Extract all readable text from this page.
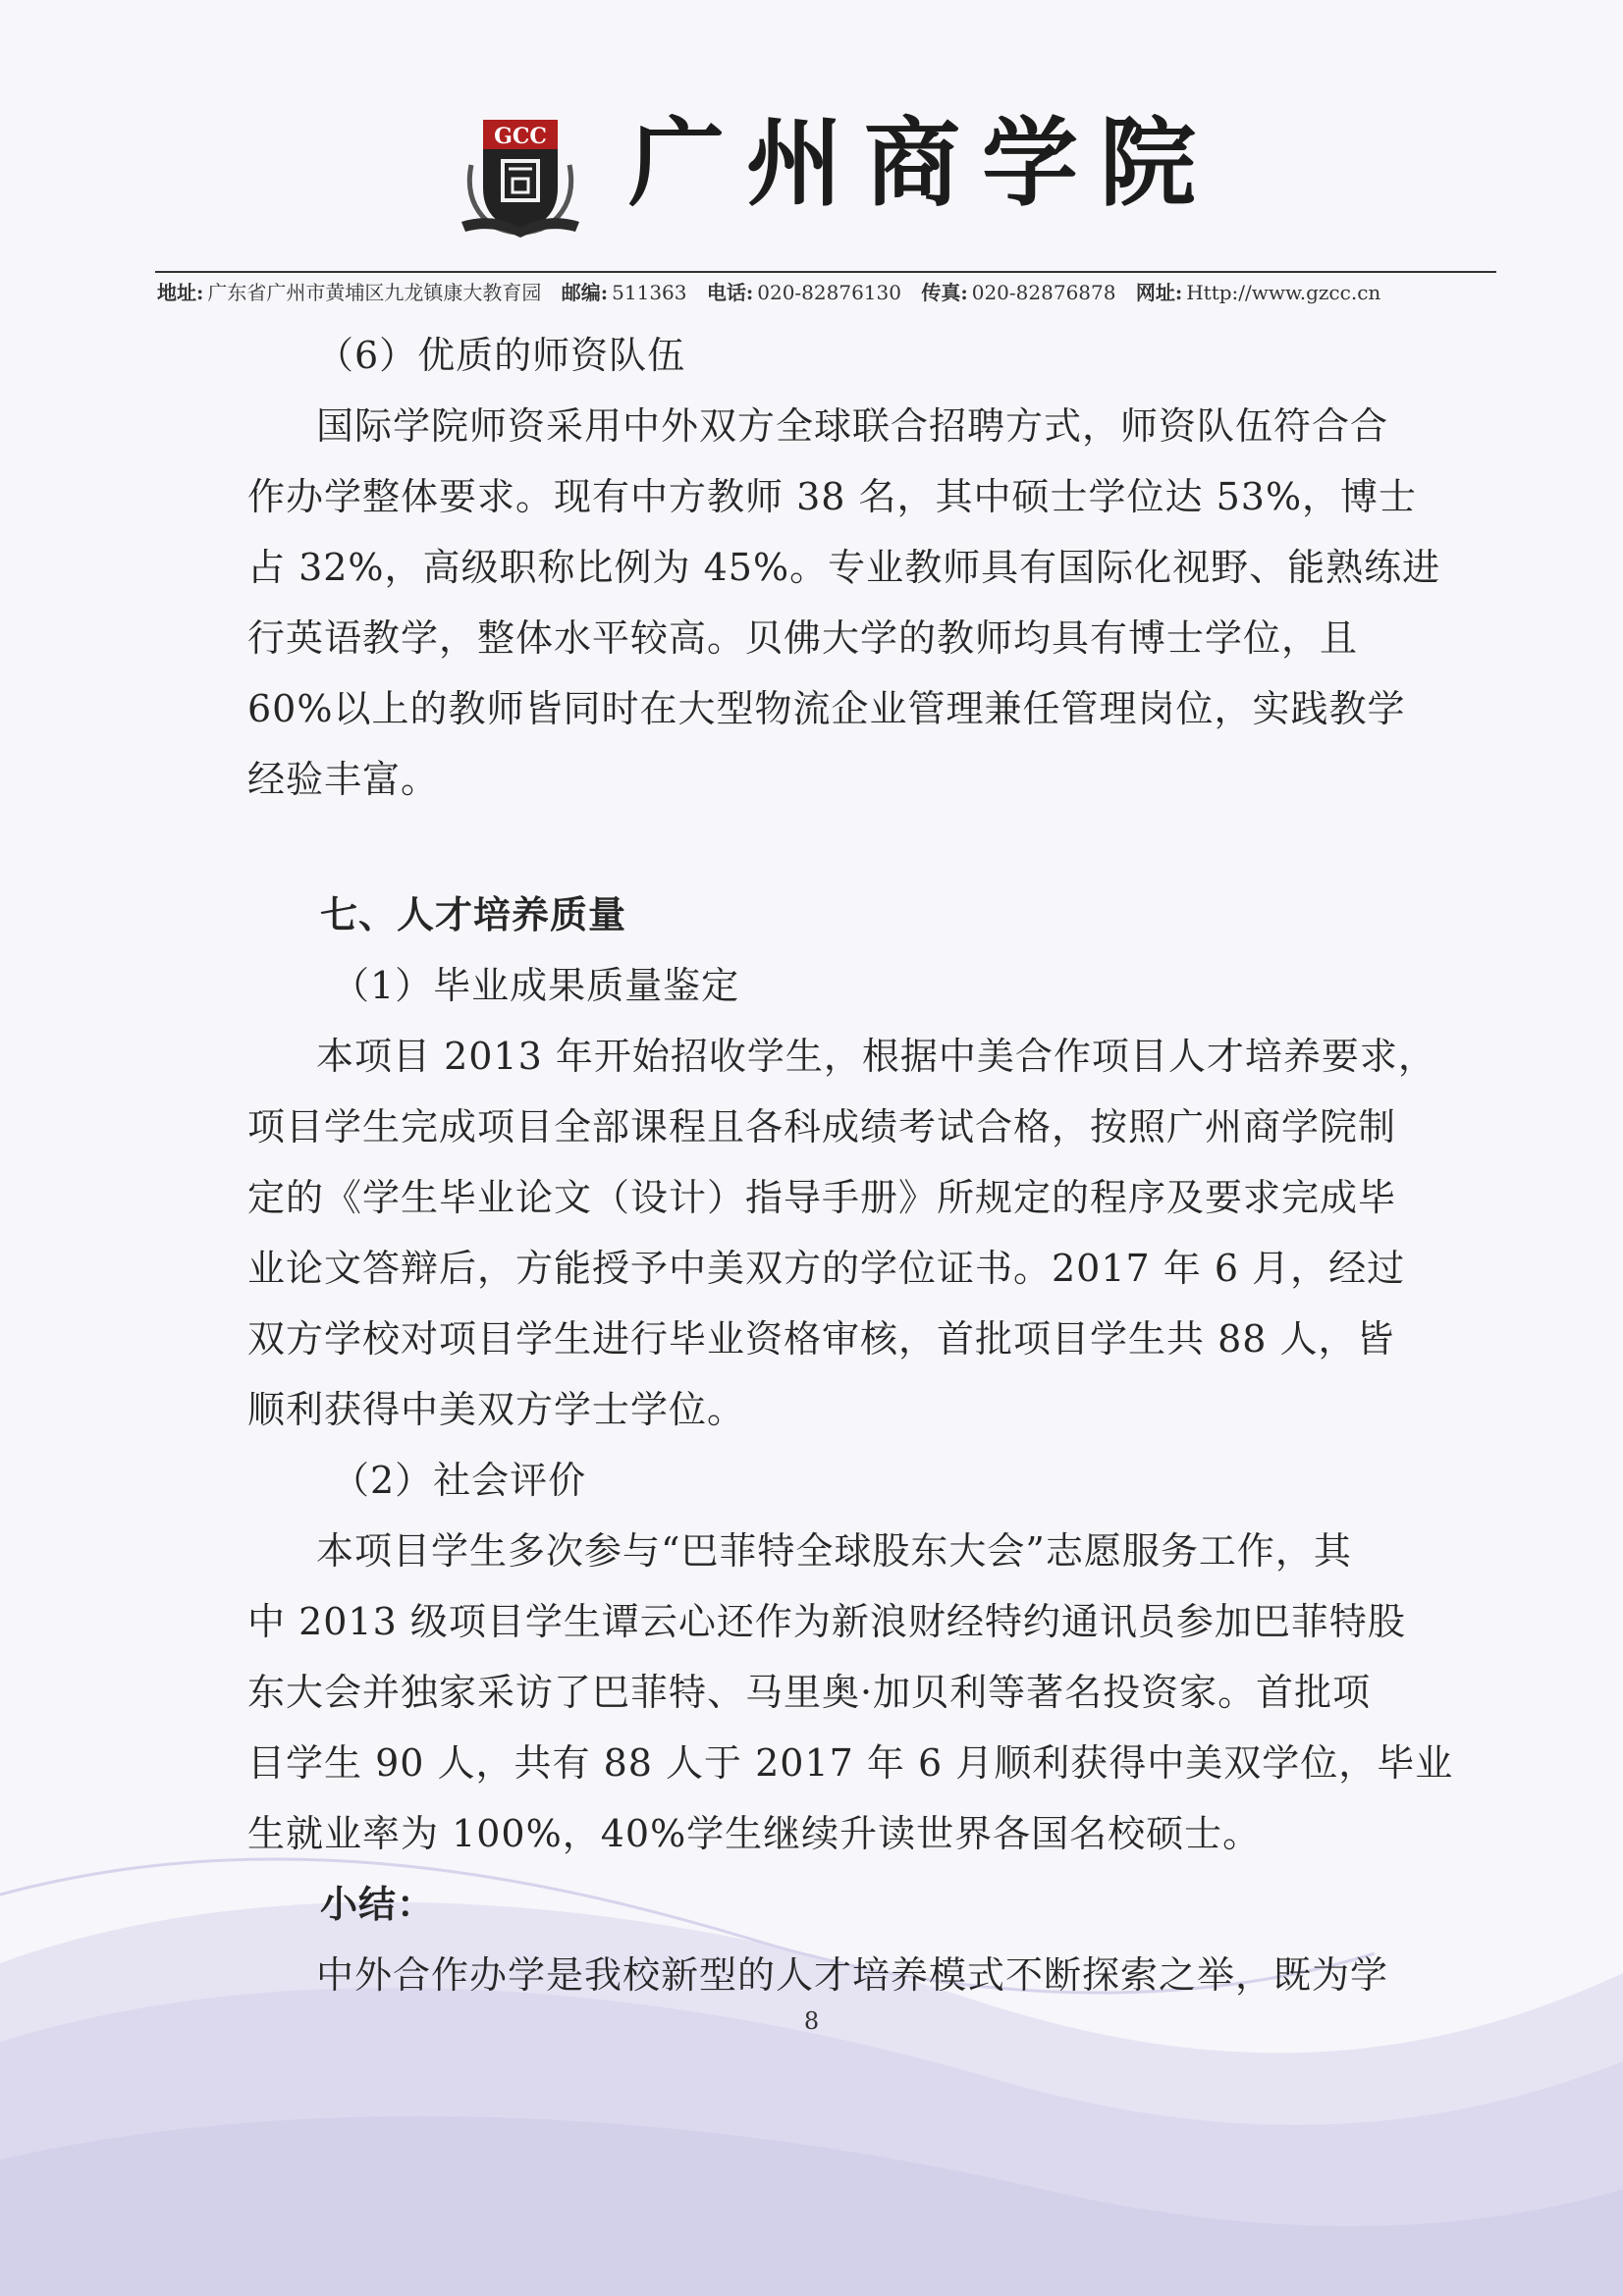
GCC 广州商学院
地址: 广东省广州市黄埔区九龙镇康大教育园 邮编: 511363 电话: 020-82876130 传真: 020-82876878 网址: Http://www.gzcc.cn
（6）优质的师资队伍
国际学院师资采用中外双方全球联合招聘方式，师资队伍符合合
作办学整体要求。现有中方教师 38 名，其中硕士学位达 53%，博士
占 32%，高级职称比例为 45%。专业教师具有国际化视野、能熟练进
行英语教学，整体水平较高。贝佛大学的教师均具有博士学位，且
60%以上的教师皆同时在大型物流企业管理兼任管理岗位，实践教学
经验丰富。
七、人才培养质量
（1）毕业成果质量鉴定
本项目 2013 年开始招收学生，根据中美合作项目人才培养要求，
项目学生完成项目全部课程且各科成绩考试合格，按照广州商学院制
定的《学生毕业论文（设计）指导手册》所规定的程序及要求完成毕
业论文答辩后，方能授予中美双方的学位证书。2017 年 6 月，经过
双方学校对项目学生进行毕业资格审核，首批项目学生共 88 人，皆
顺利获得中美双方学士学位。
（2）社会评价
本项目学生多次参与“巴菲特全球股东大会”志愿服务工作，其
中 2013 级项目学生谭云心还作为新浪财经特约通讯员参加巴菲特股
东大会并独家采访了巴菲特、马里奥·加贝利等著名投资家。首批项
目学生 90 人，共有 88 人于 2017 年 6 月顺利获得中美双学位，毕业
生就业率为 100%，40%学生继续升读世界各国名校硕士。
小结：
中外合作办学是我校新型的人才培养模式不断探索之举，既为学
8
